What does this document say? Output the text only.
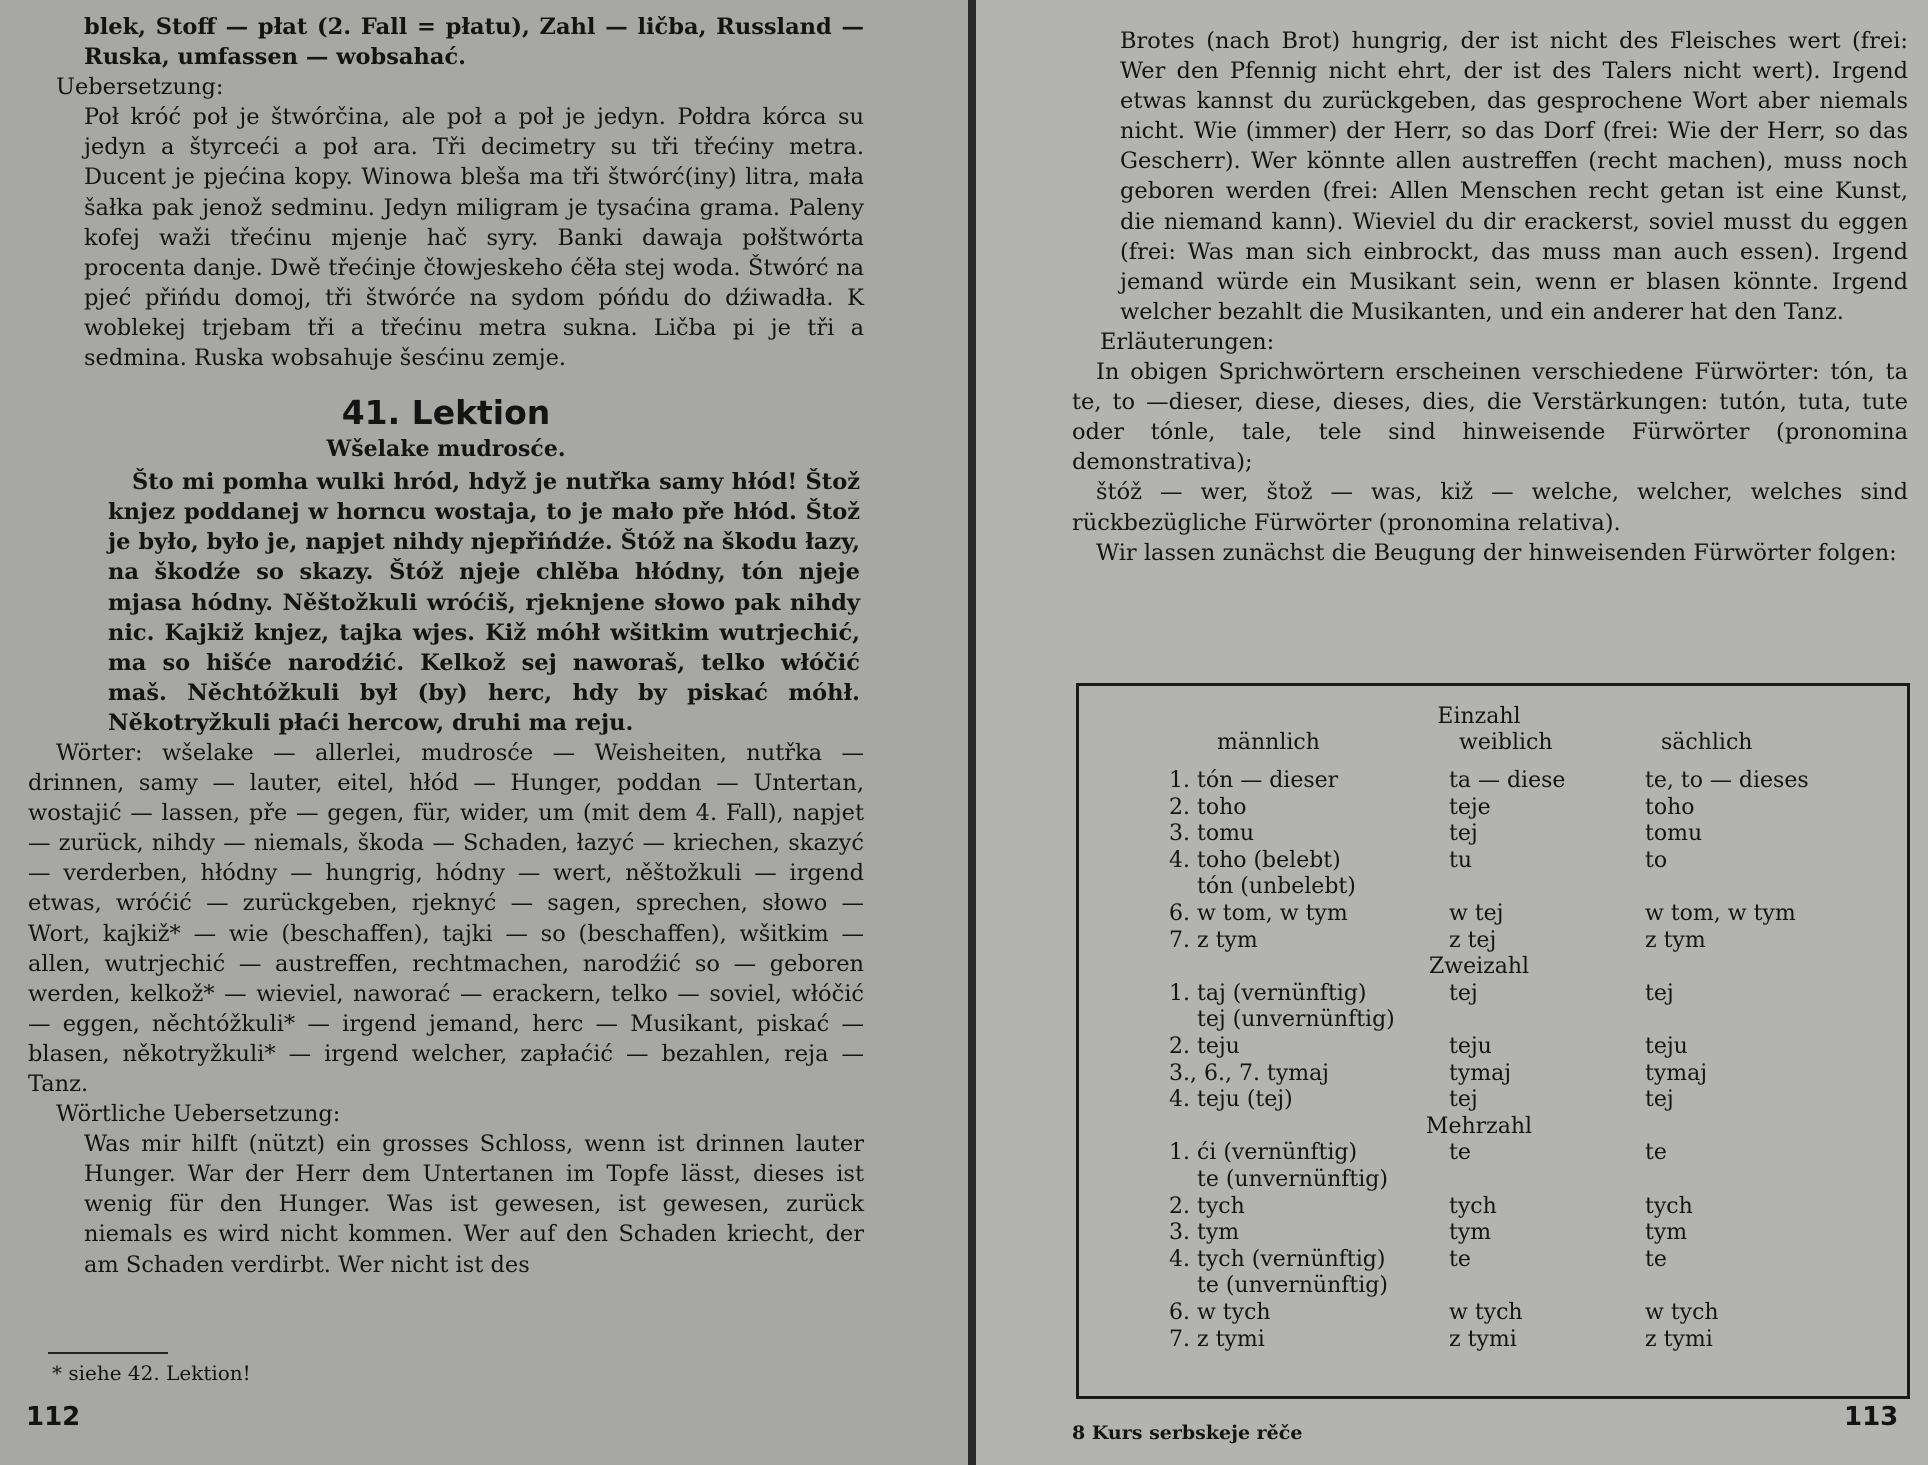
blek, Stoff — płat (2. Fall = płatu), Zahl — ličba, Russland — Ruska, umfassen — wobsahać.

Uebersetzung:

Poł króć poł je štwórčina, ale poł a poł je jedyn. Połdra kórca su jedyn a štyrceći a poł ara. Tři decimetry su tři třećiny metra. Ducent je pjećina kopy. Winowa bleša ma tři štwórć(iny) litra, mała šałka pak jenož sedminu. Jedyn miligram je tysaćina grama. Paleny kofej waži třećinu mjenje hač syry. Banki dawaja połštwórta procenta danje. Dwě třećinje čłowjeskeho ćěła stej woda. Štwórć na pjeć přińdu domoj, tři štwórće na sydom póńdu do dźiwadła. K woblekej trjebam tři a třećinu metra sukna. Ličba pi je tři a sedmina. Ruska wobsahuje šesćinu zemje.

41. Lektion
Wšelake mudrosće.

Što mi pomha wulki hród, hdyž je nutřka samy hłód! Štož knjez poddanej w horncu wostaja, to je mało pře hłód. Štož je było, było je, napjet nihdy njepřińdźe. Štóž na škodu łazy, na škodźe so skazy. Štóž njeje chlěba hłódny, tón njeje mjasa hódny. Něštožkuli wróćiš, rjeknjene słowo pak nihdy nic. Kajkiž knjez, tajka wjes. Kiž móhł wšitkim wutrjechić, ma so hišće narodźić. Kelkož sej naworaš, telko włóčić maš. Něchtóžkuli był (by) herc, hdy by piskać móhł. Někotryžkuli płaći hercow, druhi ma reju.

Wörter: wšelake — allerlei, mudrosće — Weisheiten, nutřka — drinnen, samy — lauter, eitel, hłód — Hunger, poddan — Untertan, wostajić — lassen, pře — gegen, für, wider, um (mit dem 4. Fall), napjet — zurück, nihdy — niemals, škoda — Schaden, łazyć — kriechen, skazyć — verderben, hłódny — hungrig, hódny — wert, něštožkuli — irgend etwas, wróćić — zurückgeben, rjeknyć — sagen, sprechen, słowo — Wort, kajkiž* — wie (beschaffen), tajki — so (beschaffen), wšitkim — allen, wutrjechić — austreffen, rechtmachen, narodźić so — geboren werden, kelkož* — wieviel, naworać — erackern, telko — soviel, włóčić — eggen, něchtóžkuli* — irgend jemand, herc — Musikant, piskać — blasen, někotryžkuli* — irgend welcher, zapłaćić — bezahlen, reja — Tanz.

Wörtliche Uebersetzung:

Was mir hilft (nützt) ein grosses Schloss, wenn ist drinnen lauter Hunger. War der Herr dem Untertanen im Topfe lässt, dieses ist wenig für den Hunger. Was ist gewesen, ist gewesen, zurück niemals es wird nicht kommen. Wer auf den Schaden kriecht, der am Schaden verdirbt. Wer nicht ist des

* siehe 42. Lektion!
112

Brotes (nach Brot) hungrig, der ist nicht des Fleisches wert (frei: Wer den Pfennig nicht ehrt, der ist des Talers nicht wert). Irgend etwas kannst du zurückgeben, das gesprochene Wort aber niemals nicht. Wie (immer) der Herr, so das Dorf (frei: Wie der Herr, so das Gescherr). Wer könnte allen austreffen (recht machen), muss noch geboren werden (frei: Allen Menschen recht getan ist eine Kunst, die niemand kann). Wieviel du dir erackerst, soviel musst du eggen (frei: Was man sich einbrockt, das muss man auch essen). Irgend jemand würde ein Musikant sein, wenn er blasen könnte. Irgend welcher bezahlt die Musikanten, und ein anderer hat den Tanz.

Erläuterungen:

In obigen Sprichwörtern erscheinen verschiedene Fürwörter: tón, ta te, to —dieser, diese, dieses, dies, die Verstärkungen: tutón, tuta, tute oder tónle, tale, tele sind hinweisende Fürwörter (pronomina demonstrativa);

štóž — wer, štož — was, kiž — welche, welcher, welches sind rückbezügliche Fürwörter (pronomina relativa).

Wir lassen zunächst die Beugung der hinweisenden Fürwörter folgen:

Einzahl
männlich	weiblich	sächlich
1. tón — dieser	ta — diese	te, to — dieses
2. toho	teje	toho
3. tomu	tej	tomu
4. toho (belebt)	tu	to
tón (unbelebt)
6. w tom, w tym	w tej	w tom, w tym
7. z tym	z tej	z tym
Zweizahl
1. taj (vernünftig)	tej	tej
tej (unvernünftig)
2. teju	teju	teju
3., 6., 7. tymaj	tymaj	tymaj
4. teju (tej)	tej	tej
Mehrzahl
1. ći (vernünftig)	te	te
te (unvernünftig)
2. tych	tych	tych
3. tym	tym	tym
4. tych (vernünftig)	te	te
te (unvernünftig)
6. w tych	w tych	w tych
7. z tymi	z tymi	z tymi
8 Kurs serbskeje rěče
113
